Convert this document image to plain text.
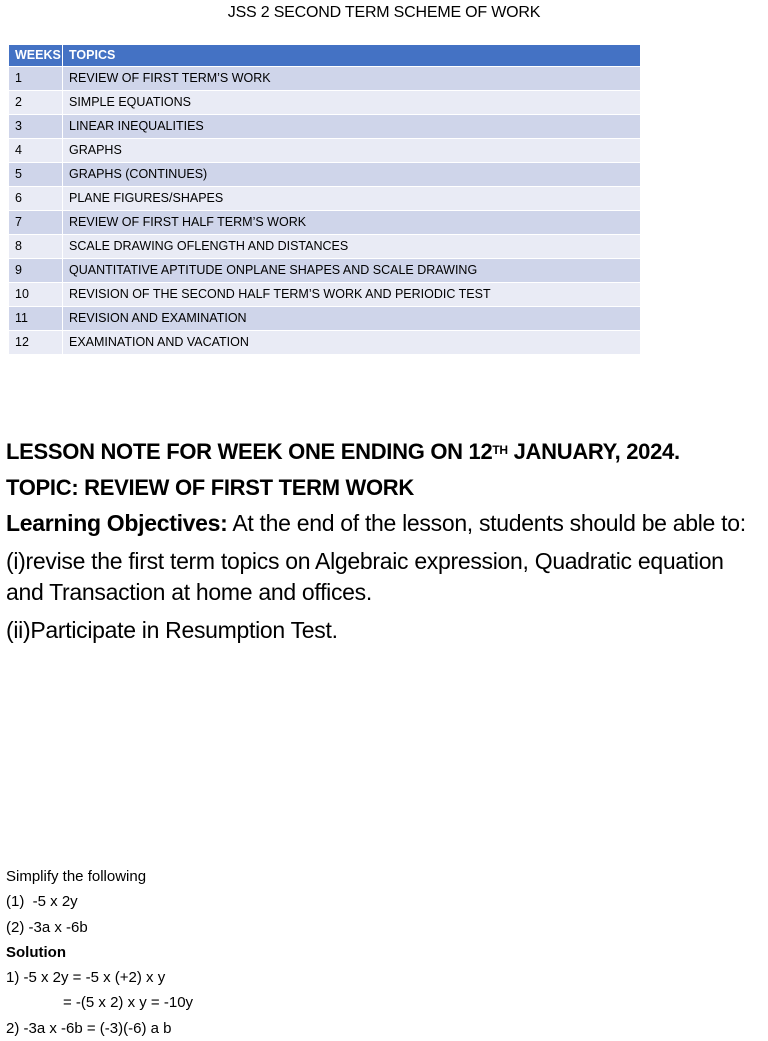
JSS 2 SECOND TERM SCHEME OF WORK
WEEKS	TOPICS
1	REVIEW OF FIRST TERM’S WORK
2	SIMPLE EQUATIONS
3	LINEAR INEQUALITIES
4	GRAPHS
5	GRAPHS (CONTINUES)
6	PLANE FIGURES/SHAPES
7	REVIEW OF FIRST HALF TERM’S WORK
8	SCALE DRAWING OFLENGTH AND DISTANCES
9	QUANTITATIVE APTITUDE ONPLANE SHAPES AND SCALE DRAWING
10	REVISION OF THE SECOND HALF TERM’S WORK AND PERIODIC TEST
11	REVISION AND EXAMINATION
12	EXAMINATION AND VACATION
LESSON NOTE FOR WEEK ONE ENDING ON 12TH JANUARY, 2024.
TOPIC: REVIEW OF FIRST TERM WORK

Learning Objectives: At the end of the lesson, students should be able to:

(i)revise the first term topics on Algebraic expression, Quadratic equation and Transaction at home and offices.

(ii)Participate in Resumption Test.

Simplify the following
(1)  -5 x 2y
(2) -3a x -6b
Solution
1) -5 x 2y = -5 x (+2) x y
= -(5 x 2) x y = -10y
2) -3a x -6b = (-3)(-6) a b
